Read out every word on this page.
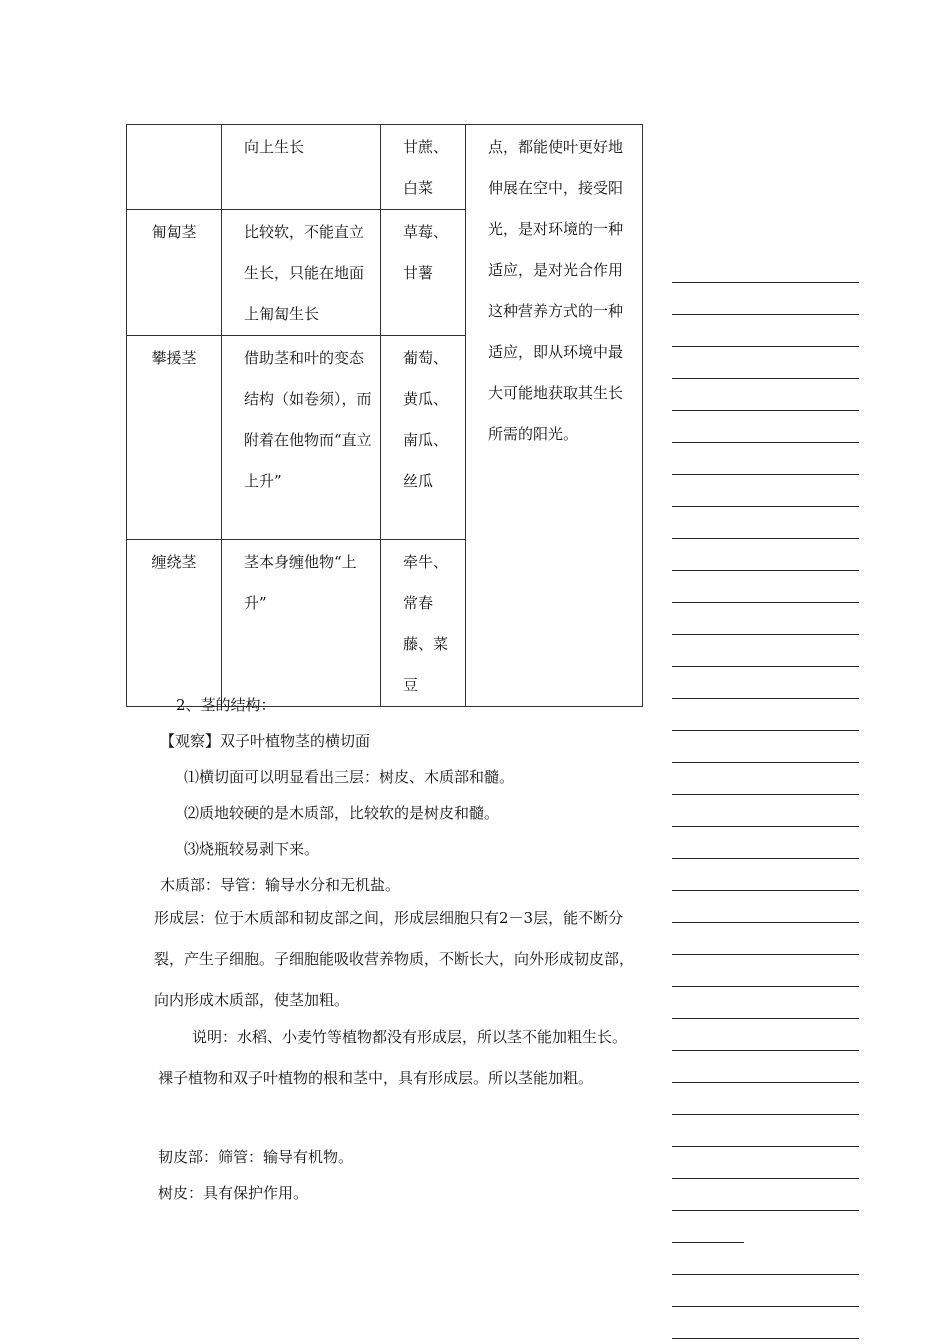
	向上生长	甘蔗、白菜	点，都能使叶更好地伸展在空中，接受阳光，是对环境的一种适应，是对光合作用这种营养方式的一种适应，即从环境中最大可能地获取其生长所需的阳光。
匍匐茎	比较软，不能直立生长，只能在地面上匍匐生长	草莓、甘薯	
攀援茎	借助茎和叶的变态结构（如卷须），而附着在他物而“直立上升”	葡萄、黄瓜、南瓜、丝瓜	
缠绕茎	茎本身缠他物“上升”	牵牛、常春藤、菜豆	
2、茎的结构：
【观察】双子叶植物茎的横切面
⑴横切面可以明显看出三层：树皮、木质部和髓。
⑵质地较硬的是木质部，比较软的是树皮和髓。
⑶烧瓶较易剥下来。
木质部：导管：输导水分和无机盐。
形成层：位于木质部和韧皮部之间，形成层细胞只有2－3层，能不断分裂，产生子细胞。子细胞能吸收营养物质，不断长大，向外形成韧皮部，向内形成木质部，使茎加粗。
说明：水稻、小麦竹等植物都没有形成层，所以茎不能加粗生长。裸子植物和双子叶植物的根和茎中，具有形成层。所以茎能加粗。
韧皮部：筛管：输导有机物。
树皮：具有保护作用。
